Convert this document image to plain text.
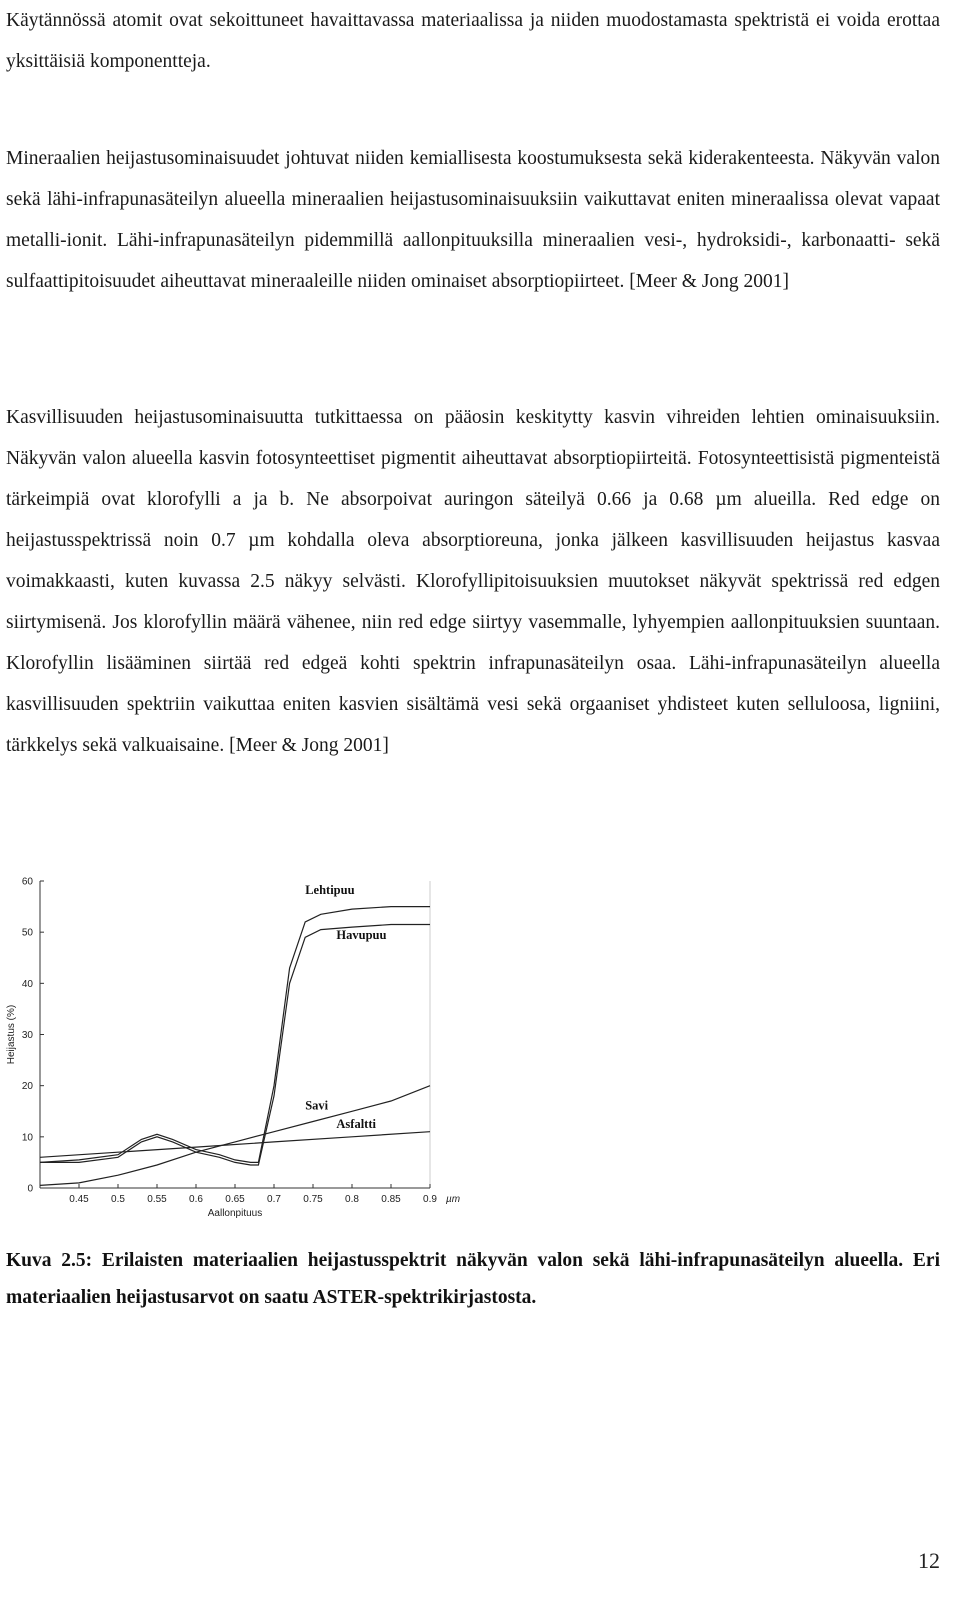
Käytännössä atomit ovat sekoittuneet havaittavassa materiaalissa ja niiden muodostamasta spektristä ei voida erottaa yksittäisiä komponentteja.

Mineraalien heijastusominaisuudet johtuvat niiden kemiallisesta koostumuksesta sekä kiderakenteesta. Näkyvän valon sekä lähi-infrapunasäteilyn alueella mineraalien heijastusominaisuuksiin vaikuttavat eniten mineraalissa olevat vapaat metalli-ionit. Lähi-infrapunasäteilyn pidemmillä aallonpituuksilla mineraalien vesi-, hydroksidi-, karbonaatti- sekä sulfaattipitoisuudet aiheuttavat mineraaleille niiden ominaiset absorptiopiirteet. [Meer & Jong 2001]

Kasvillisuuden heijastusominaisuutta tutkittaessa on pääosin keskitytty kasvin vihreiden lehtien ominaisuuksiin. Näkyvän valon alueella kasvin fotosynteettiset pigmentit aiheuttavat absorptiopiirteitä. Fotosynteettisistä pigmenteistä tärkeimpiä ovat klorofylli a ja b. Ne absorpoivat auringon säteilyä 0.66 ja 0.68 µm alueilla. Red edge on heijastusspektrissä noin 0.7 µm kohdalla oleva absorptioreuna, jonka jälkeen kasvillisuuden heijastus kasvaa voimakkaasti, kuten kuvassa 2.5 näkyy selvästi. Klorofyllipitoisuuksien muutokset näkyvät spektrissä red edgen siirtymisenä. Jos klorofyllin määrä vähenee, niin red edge siirtyy vasemmalle, lyhyempien aallonpituuksien suuntaan. Klorofyllin lisääminen siirtää red edgeä kohti spektrin infrapunasäteilyn osaa. Lähi-infrapunasäteilyn alueella kasvillisuuden spektriin vaikuttaa eniten kasvien sisältämä vesi sekä orgaaniset yhdisteet kuten selluloosa, ligniini, tärkkelys sekä valkuaisaine. [Meer & Jong 2001]

0
10
20
30
40
50
60
0.45 0.5 0.55 0.6 0.65 0.7 0.75 0.8 0.85 0.9 µm
Aallonpituus
Heijastus (%)
Lehtipuu
Havupuu
Savi
Asfaltti

Kuva 2.5: Erilaisten materiaalien heijastusspektrit näkyvän valon sekä lähi-infrapunasäteilyn alueella. Eri materiaalien heijastusarvot on saatu ASTER-spektrikirjastosta.

12
